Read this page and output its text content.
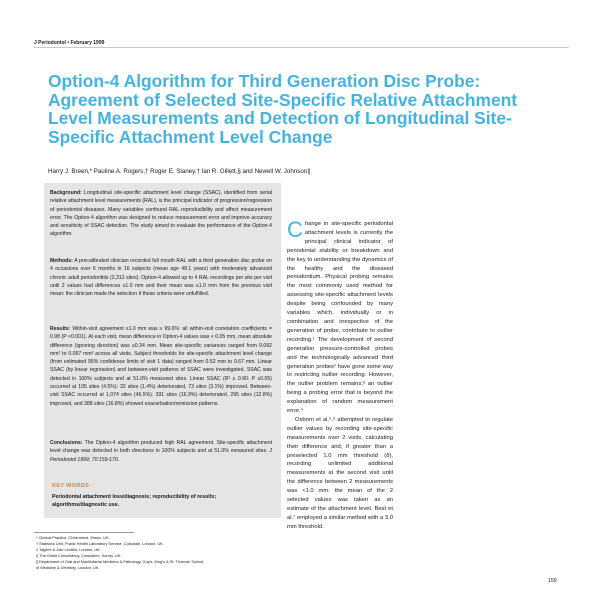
J Periodontol • February 1999
Option-4 Algorithm for Third Generation Disc Probe: Agreement of Selected Site-Specific Relative Attachment Level Measurements and Detection of Longitudinal Site-Specific Attachment Level Change
Harry J. Breen,* Pauline A. Rogers,† Roger E. Slaney,† Ian R. Gillett,§ and Newell W. Johnson∥

Background: Longitudinal site-specific attachment level change (SSAC), identified from serial relative attachment level measurements (RAL), is the principal indicator of progression/regression of periodontal diseases. Many variables confound RAL reproducibility and affect measurement error. The Option-4 algorithm was designed to reduce measurement error and improve accuracy and sensitivity of SSAC detection. The study aimed to evaluate the performance of the Option-4 algorithm.

Methods: A precalibrated clinician recorded full mouth RAL with a third generation disc probe on 4 occasions over 6 months in 16 subjects (mean age 48.1 years) with moderately advanced chronic adult periodontitis (2,312 sites). Option-4 allowed up to 4 RAL recordings per site per visit until 2 values had differences ≤1.0 mm and their mean was ≤1.0 mm from the previous visit mean: the clinician made the selection if these criteria were unfulfilled.

Results: Within-visit agreement ≤1.0 mm was ≥ 99.6%: all within-visit correlation coefficients = 0.98 (P <0.001). At each visit, mean difference in Option-4 values was < 0.05 mm, mean absolute difference (ignoring direction) was ≤0.34 mm. Mean site-specific variances ranged from 0.092 mm² to 0.097 mm² across all visits. Subject thresholds for site-specific attachment level change (from estimated 95% confidence limits of visit 1 data) ranged from 0.52 mm to 0.67 mm. Linear SSAC (by linear regression) and between-visit patterns of SSAC were investigated. SSAC was detected in 100% subjects and at 51.0% measured sites. Linear SSAC (R² ≥ 0.90: P ≤0.05) occurred at 105 sites (4.5%): 32 sites (1.4%) deteriorated, 73 sites (3.1%) improved. Between-visit SSAC occurred at 1,074 sites (46.5%): 391 sites (16.9%) deteriorated, 295 sites (12.8%) improved, and 388 sites (16.8%) showed exacerbation/remission patterns.

Conclusions: The Option-4 algorithm produced high RAL agreement. Site-specific attachment level change was detected in both directions in 100% subjects and at 51.0% measured sites. J Periodontol 1999; 70:159-170.

KEY WORDS

Periodontal attachment loss/diagnosis; reproducibility of results; algorithms/diagnostic use.

* Clinical Practice, Chelmsford, Essex, UK.
† Statistics Unit, Public Health Laboratory Service, Colindale, London, UK.
‡ Tagline & Join Limited, London, UK.
§ The Gillett Consultancy, Cowhallen, Surrey, UK.
∥ Department of Oral and Maxillofacial Medicine & Pathology, Guy's, King's & St. Thomas' School
of Medicine & Dentistry, London, UK.

Change in site-specific periodontal attachment levels is currently the principal clinical indicator of periodontal stability or breakdown and the key to understanding the dynamics of the healthy and the diseased periodontium. Physical probing remains the most commonly used method for assessing site-specific attachment levels despite being confounded by many variables which, individually or in combination and irrespective of the generation of probe, contribute to outlier recording.¹ The development of second generation pressure-controlled probes and the technologically advanced third generation probes² have gone some way to restricting outlier recording. However, the outlier problem remains;³ an outlier being a probing error that is beyond the explanation of random measurement error.⁴

Osborn et al.⁵,⁶ attempted to regulate outlier values by recording site-specific measurements over 2 visits, calculating their difference and, if greater than a preselected 1.0 mm threshold (δ), recording unlimited additional measurements at the second visit until the difference between 2 measurements was <1.0 mm: the mean of the 2 selected values was taken as an estimate of the attachment level. Best et al.⁷ employed a similar method with a 3.0 mm threshold.

159
